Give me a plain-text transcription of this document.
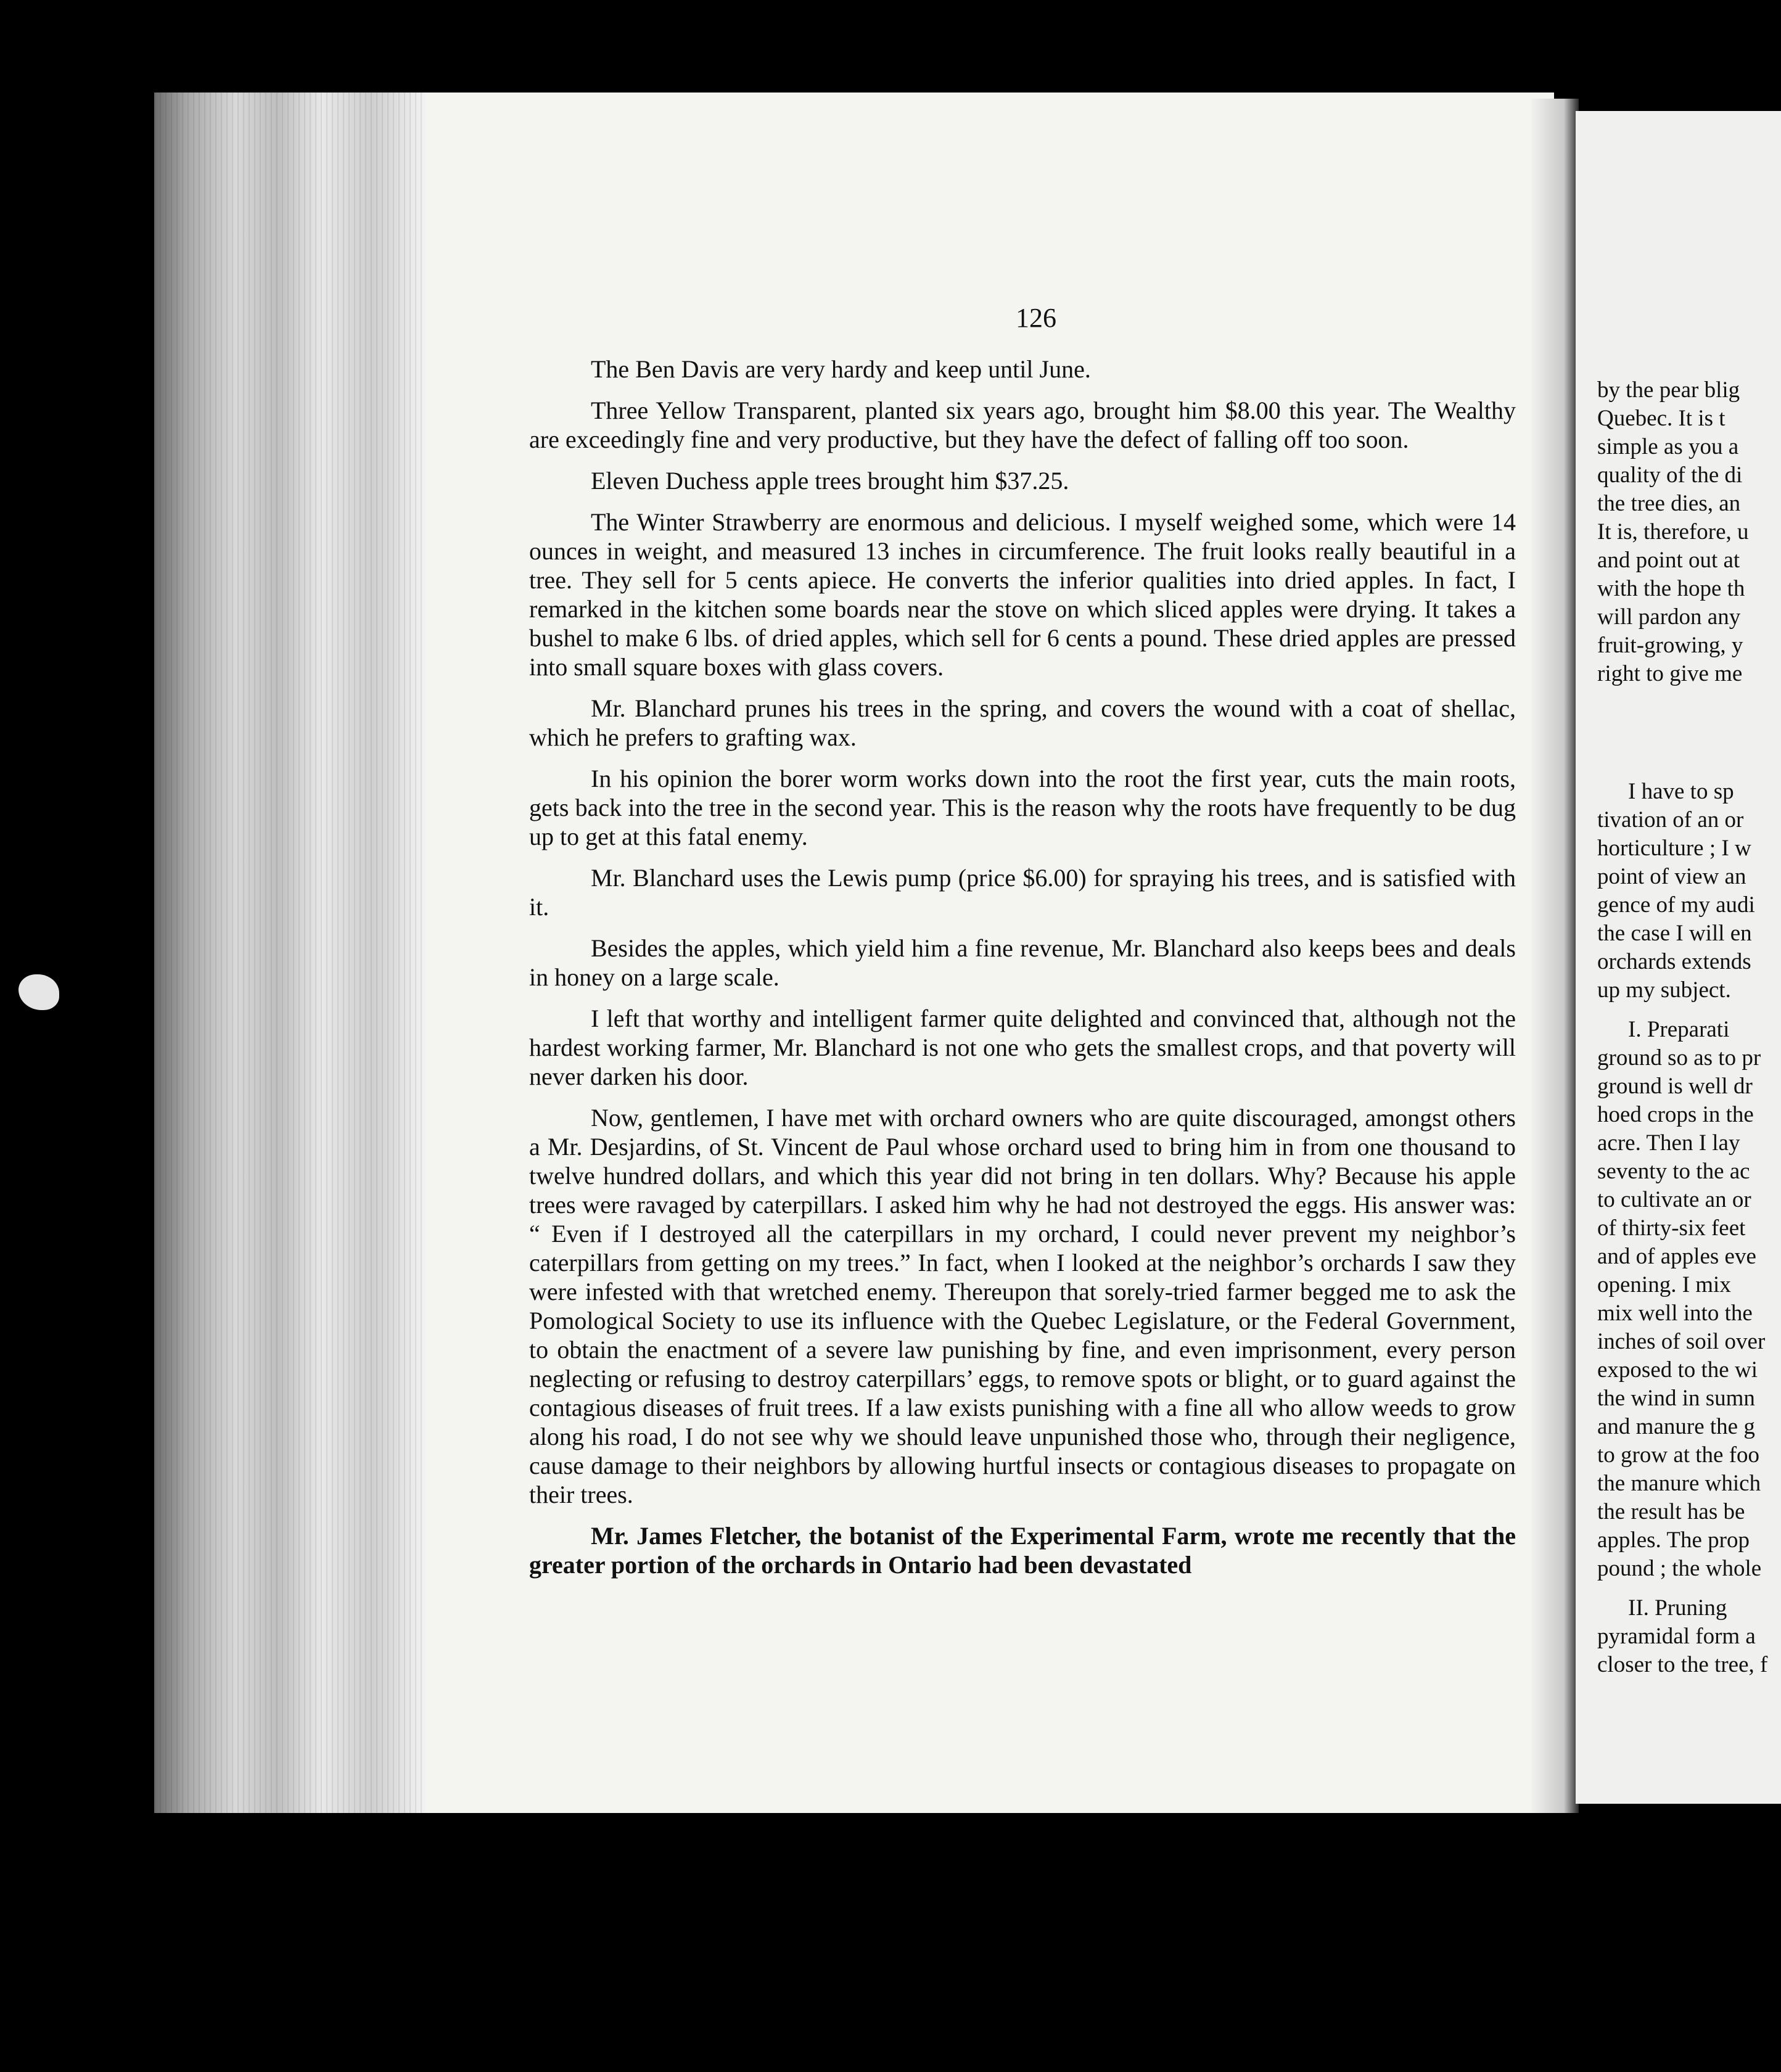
126

The Ben Davis are very hardy and keep until June.

Three Yellow Transparent, planted six years ago, brought him $8.00 this year. The Wealthy are exceedingly fine and very productive, but they have the defect of falling off too soon.

Eleven Duchess apple trees brought him $37.25.

The Winter Strawberry are enormous and delicious. I myself weighed some, which were 14 ounces in weight, and measured 13 inches in circumference. The fruit looks really beautiful in a tree. They sell for 5 cents apiece. He converts the inferior qualities into dried apples. In fact, I remarked in the kitchen some boards near the stove on which sliced apples were drying. It takes a bushel to make 6 lbs. of dried apples, which sell for 6 cents a pound. These dried apples are pressed into small square boxes with glass covers.

Mr. Blanchard prunes his trees in the spring, and covers the wound with a coat of shellac, which he prefers to grafting wax.

In his opinion the borer worm works down into the root the first year, cuts the main roots, gets back into the tree in the second year. This is the reason why the roots have frequently to be dug up to get at this fatal enemy.

Mr. Blanchard uses the Lewis pump (price $6.00) for spraying his trees, and is satisfied with it.

Besides the apples, which yield him a fine revenue, Mr. Blanchard also keeps bees and deals in honey on a large scale.

I left that worthy and intelligent farmer quite delighted and convinced that, although not the hardest working farmer, Mr. Blanchard is not one who gets the smallest crops, and that poverty will never darken his door.

Now, gentlemen, I have met with orchard owners who are quite discouraged, amongst others a Mr. Desjardins, of St. Vincent de Paul whose orchard used to bring him in from one thousand to twelve hundred dollars, and which this year did not bring in ten dollars. Why? Because his apple trees were ravaged by caterpillars. I asked him why he had not destroyed the eggs. His answer was: “ Even if I destroyed all the caterpillars in my orchard, I could never prevent my neighbor’s caterpillars from getting on my trees.” In fact, when I looked at the neighbor’s orchards I saw they were infested with that wretched enemy. Thereupon that sorely-tried farmer begged me to ask the Pomological Society to use its influence with the Quebec Legislature, or the Federal Government, to obtain the enactment of a severe law punishing by fine, and even imprisonment, every person neglecting or refusing to destroy caterpillars’ eggs, to remove spots or blight, or to guard against the contagious diseases of fruit trees. If a law exists punishing with a fine all who allow weeds to grow along his road, I do not see why we should leave unpunished those who, through their negligence, cause damage to their neighbors by allowing hurtful insects or contagious diseases to propagate on their trees.

Mr. James Fletcher, the botanist of the Experimental Farm, wrote me recently that the greater portion of the orchards in Ontario had been devastated

by the pear blig
Quebec. It is t
simple as you a
quality of the di
the tree dies, an
It is, therefore, u
and point out at
with the hope th
will pardon any
fruit-growing, y
right to give me
I have to sp
tivation of an or
horticulture ; I w
point of view an
gence of my audi
the case I will en
orchards extends
up my subject.
I. Preparati
ground so as to pr
ground is well dr
hoed crops in the
acre. Then I lay
seventy to the ac
to cultivate an or
of thirty-six feet
and of apples eve
opening. I mix
mix well into the
inches of soil over
exposed to the wi
the wind in sumn
and manure the g
to grow at the foo
the manure which
the result has be
apples. The prop
pound ; the whole
II. Pruning
pyramidal form a
closer to the tree, f
